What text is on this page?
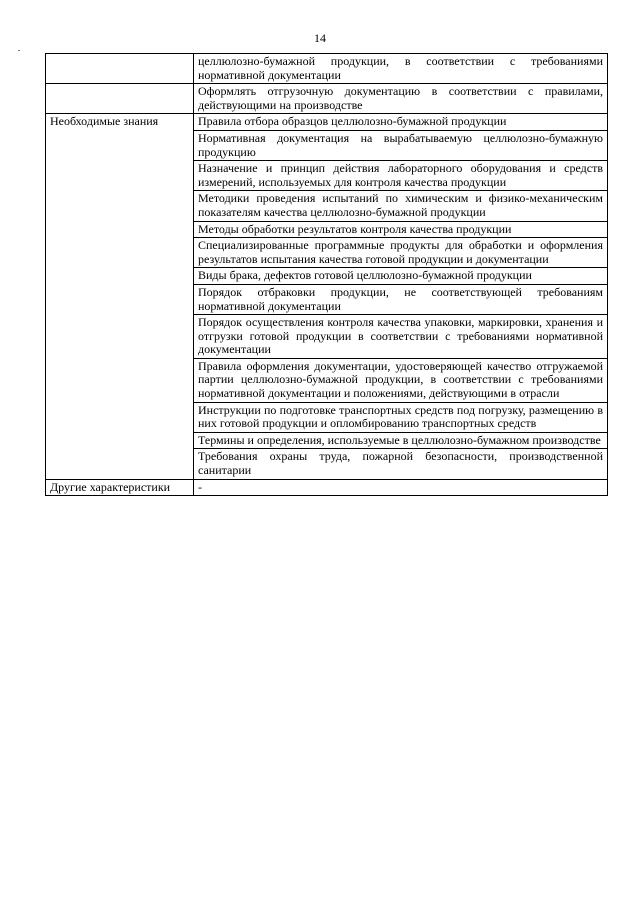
14
	целлюлозно-бумажной продукции, в соответствии с требованиями нормативной документации
	Оформлять отгрузочную документацию в соответствии с правилами, действующими на производстве
Необходимые знания	Правила отбора образцов целлюлозно-бумажной продукции
	Нормативная документация на вырабатываемую целлюлозно-бумажную продукцию
	Назначение и принцип действия лабораторного оборудования и средств измерений, используемых для контроля качества продукции
	Методики проведения испытаний по химическим и физико-механическим показателям качества целлюлозно-бумажной продукции
	Методы обработки результатов контроля качества продукции
	Специализированные программные продукты для обработки и оформления результатов испытания качества готовой продукции и документации
	Виды брака, дефектов готовой целлюлозно-бумажной продукции
	Порядок отбраковки продукции, не соответствующей требованиям нормативной документации
	Порядок осуществления контроля качества упаковки, маркировки, хранения и отгрузки готовой продукции в соответствии с требованиями нормативной документации
	Правила оформления документации, удостоверяющей качество отгружаемой партии целлюлозно-бумажной продукции, в соответствии с требованиями нормативной документации и положениями, действующими в отрасли
	Инструкции по подготовке транспортных средств под погрузку, размещению в них готовой продукции и опломбированию транспортных средств
	Термины и определения, используемые в целлюлозно-бумажном производстве
	Требования охраны труда, пожарной безопасности, производственной санитарии
Другие характеристики	-
